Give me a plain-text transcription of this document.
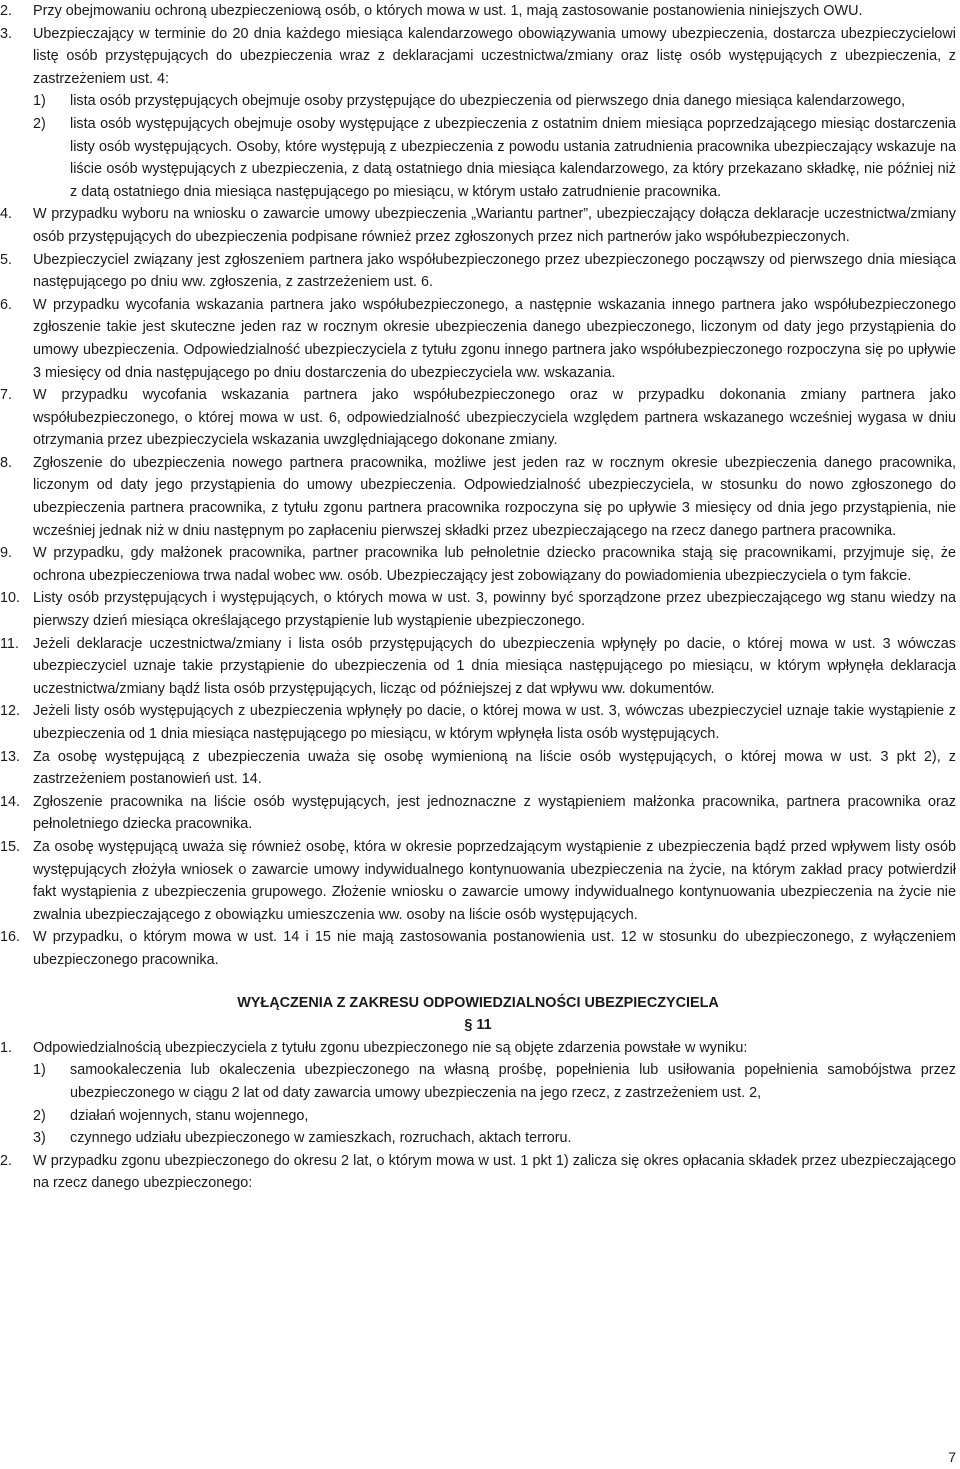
2. Przy obejmowaniu ochroną ubezpieczeniową osób, o których mowa w ust. 1, mają zastosowanie postanowienia niniejszych OWU.
3. Ubezpieczający w terminie do 20 dnia każdego miesiąca kalendarzowego obowiązywania umowy ubezpieczenia, dostarcza ubezpieczycielowi listę osób przystępujących do ubezpieczenia wraz z deklaracjami uczestnictwa/zmiany oraz listę osób występujących z ubezpieczenia, z zastrzeżeniem ust. 4:
1) lista osób przystępujących obejmuje osoby przystępujące do ubezpieczenia od pierwszego dnia danego miesiąca kalendarzowego,
2) lista osób występujących obejmuje osoby występujące z ubezpieczenia z ostatnim dniem miesiąca poprzedzającego miesiąc dostarczenia listy osób występujących. Osoby, które występują z ubezpieczenia z powodu ustania zatrudnienia pracownika ubezpieczający wskazuje na liście osób występujących z ubezpieczenia, z datą ostatniego dnia miesiąca kalendarzowego, za który przekazano składkę, nie później niż z datą ostatniego dnia miesiąca następującego po miesiącu, w którym ustało zatrudnienie pracownika.
4. W przypadku wyboru na wniosku o zawarcie umowy ubezpieczenia „Wariantu partner”, ubezpieczający dołącza deklaracje uczestnictwa/zmiany osób przystępujących do ubezpieczenia podpisane również przez zgłoszonych przez nich partnerów jako współubezpieczonych.
5. Ubezpieczyciel związany jest zgłoszeniem partnera jako współubezpieczonego przez ubezpieczonego począwszy od pierwszego dnia miesiąca następującego po dniu ww. zgłoszenia, z zastrzeżeniem ust. 6.
6. W przypadku wycofania wskazania partnera jako współubezpieczonego, a następnie wskazania innego partnera jako współubezpieczonego zgłoszenie takie jest skuteczne jeden raz w rocznym okresie ubezpieczenia danego ubezpieczonego, liczonym od daty jego przystąpienia do umowy ubezpieczenia. Odpowiedzialność ubezpieczyciela z tytułu zgonu innego partnera jako współubezpieczonego rozpoczyna się po upływie 3 miesięcy od dnia następującego po dniu dostarczenia do ubezpieczyciela ww. wskazania.
7. W przypadku wycofania wskazania partnera jako współubezpieczonego oraz w przypadku dokonania zmiany partnera jako współubezpieczonego, o której mowa w ust. 6, odpowiedzialność ubezpieczyciela względem partnera wskazanego wcześniej wygasa w dniu otrzymania przez ubezpieczyciela wskazania uwzględniającego dokonane zmiany.
8. Zgłoszenie do ubezpieczenia nowego partnera pracownika, możliwe jest jeden raz w rocznym okresie ubezpieczenia danego pracownika, liczonym od daty jego przystąpienia do umowy ubezpieczenia. Odpowiedzialność ubezpieczyciela, w stosunku do nowo zgłoszonego do ubezpieczenia partnera pracownika, z tytułu zgonu partnera pracownika rozpoczyna się po upływie 3 miesięcy od dnia jego przystąpienia, nie wcześniej jednak niż w dniu następnym po zapłaceniu pierwszej składki przez ubezpieczającego na rzecz danego partnera pracownika.
9. W przypadku, gdy małżonek pracownika, partner pracownika lub pełnoletnie dziecko pracownika stają się pracownikami, przyjmuje się, że ochrona ubezpieczeniowa trwa nadal wobec ww. osób. Ubezpieczający jest zobowiązany do powiadomienia ubezpieczyciela o tym fakcie.
10. Listy osób przystępujących i występujących, o których mowa w ust. 3, powinny być sporządzone przez ubezpieczającego wg stanu wiedzy na pierwszy dzień miesiąca określającego przystąpienie lub wystąpienie ubezpieczonego.
11. Jeżeli deklaracje uczestnictwa/zmiany i lista osób przystępujących do ubezpieczenia wpłynęły po dacie, o której mowa w ust. 3 wówczas ubezpieczyciel uznaje takie przystąpienie do ubezpieczenia od 1 dnia miesiąca następującego po miesiącu, w którym wpłynęła deklaracja uczestnictwa/zmiany bądź lista osób przystępujących, licząc od późniejszej z dat wpływu ww. dokumentów.
12. Jeżeli listy osób występujących z ubezpieczenia wpłynęły po dacie, o której mowa w ust. 3, wówczas ubezpieczyciel uznaje takie wystąpienie z ubezpieczenia od 1 dnia miesiąca następującego po miesiącu, w którym wpłynęła lista osób występujących.
13. Za osobę występującą z ubezpieczenia uważa się osobę wymienioną na liście osób występujących, o której mowa w ust. 3 pkt 2), z zastrzeżeniem postanowień ust. 14.
14. Zgłoszenie pracownika na liście osób występujących, jest jednoznaczne z wystąpieniem małżonka pracownika, partnera pracownika oraz pełnoletniego dziecka pracownika.
15. Za osobę występującą uważa się również osobę, która w okresie poprzedzającym wystąpienie z ubezpieczenia bądź przed wpływem listy osób występujących złożyła wniosek o zawarcie umowy indywidualnego kontynuowania ubezpieczenia na życie, na którym zakład pracy potwierdził fakt wystąpienia z ubezpieczenia grupowego. Złożenie wniosku o zawarcie umowy indywidualnego kontynuowania ubezpieczenia na życie nie zwalnia ubezpieczającego z obowiązku umieszczenia ww. osoby na liście osób występujących.
16. W przypadku, o którym mowa w ust. 14 i 15 nie mają zastosowania postanowienia ust. 12 w stosunku do ubezpieczonego, z wyłączeniem ubezpieczonego pracownika.
WYŁĄCZENIA Z ZAKRESU ODPOWIEDZIALNOŚCI UBEZPIECZYCIELA
§ 11
1. Odpowiedzialnością ubezpieczyciela z tytułu zgonu ubezpieczonego nie są objęte zdarzenia powstałe w wyniku:
1) samookaleczenia lub okaleczenia ubezpieczonego na własną prośbę, popełnienia lub usiłowania popełnienia samobójstwa przez ubezpieczonego w ciągu 2 lat od daty zawarcia umowy ubezpieczenia na jego rzecz, z zastrzeżeniem ust. 2,
2) działań wojennych, stanu wojennego,
3) czynnego udziału ubezpieczonego w zamieszkach, rozruchach, aktach terroru.
2. W przypadku zgonu ubezpieczonego do okresu 2 lat, o którym mowa w ust. 1 pkt 1) zalicza się okres opłacania składek przez ubezpieczającego na rzecz danego ubezpieczonego:
7
